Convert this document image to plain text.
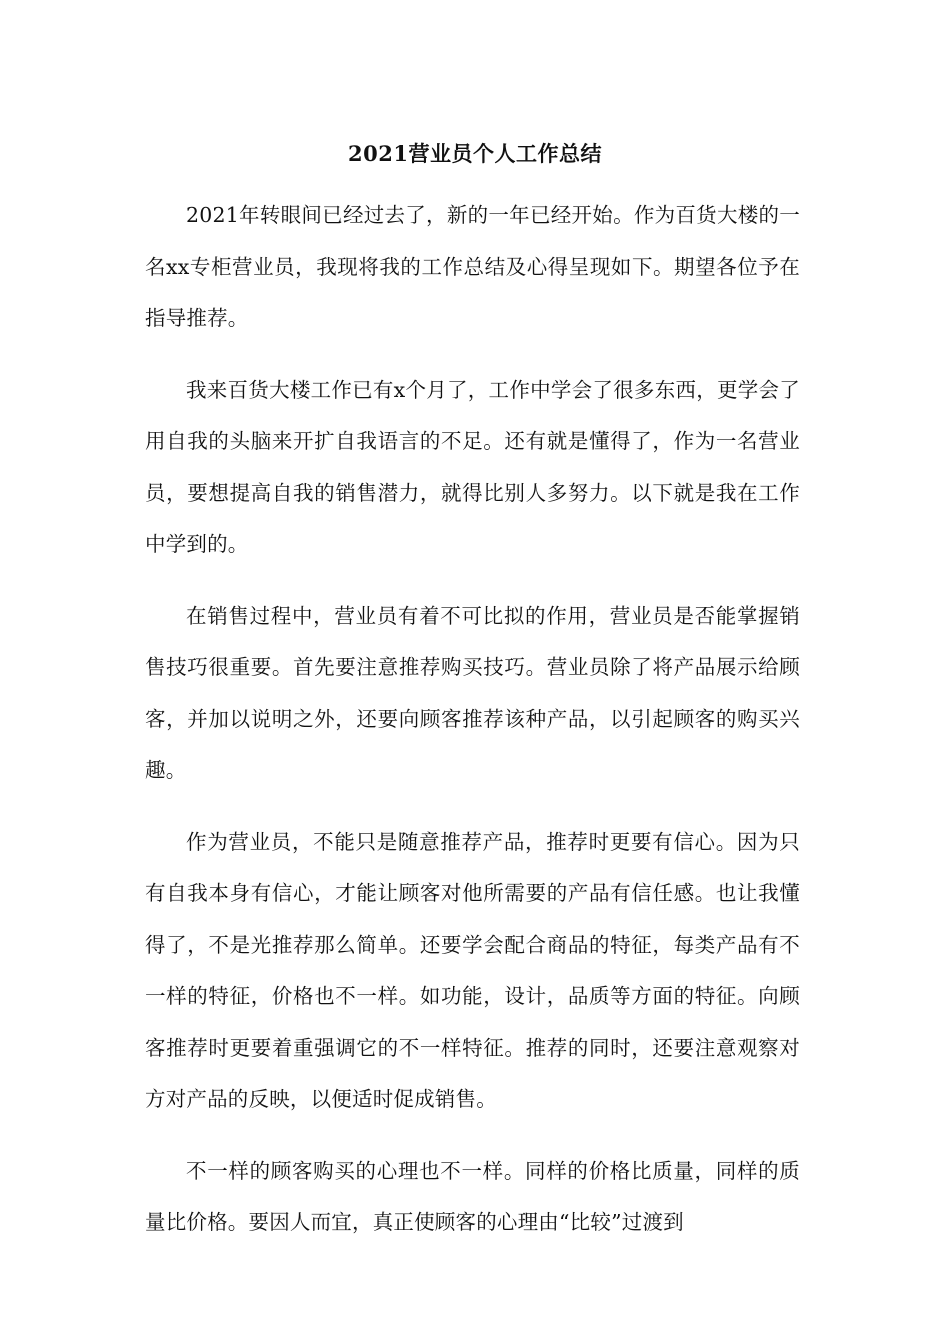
2021营业员个人工作总结

2021年转眼间已经过去了，新的一年已经开始。作为百货大楼的一名xx专柜营业员，我现将我的工作总结及心得呈现如下。期望各位予在指导推荐。

我来百货大楼工作已有x个月了，工作中学会了很多东西，更学会了用自我的头脑来开扩自我语言的不足。还有就是懂得了，作为一名营业员，要想提高自我的销售潜力，就得比别人多努力。以下就是我在工作中学到的。

在销售过程中，营业员有着不可比拟的作用，营业员是否能掌握销售技巧很重要。首先要注意推荐购买技巧。营业员除了将产品展示给顾客，并加以说明之外，还要向顾客推荐该种产品，以引起顾客的购买兴趣。

作为营业员，不能只是随意推荐产品，推荐时更要有信心。因为只有自我本身有信心，才能让顾客对他所需要的产品有信任感。也让我懂得了，不是光推荐那么简单。还要学会配合商品的特征，每类产品有不一样的特征，价格也不一样。如功能，设计，品质等方面的特征。向顾客推荐时更要着重强调它的不一样特征。推荐的同时，还要注意观察对方对产品的反映，以便适时促成销售。

不一样的顾客购买的心理也不一样。同样的价格比质量，同样的质量比价格。要因人而宜，真正使顾客的心理由“比较”过渡到
